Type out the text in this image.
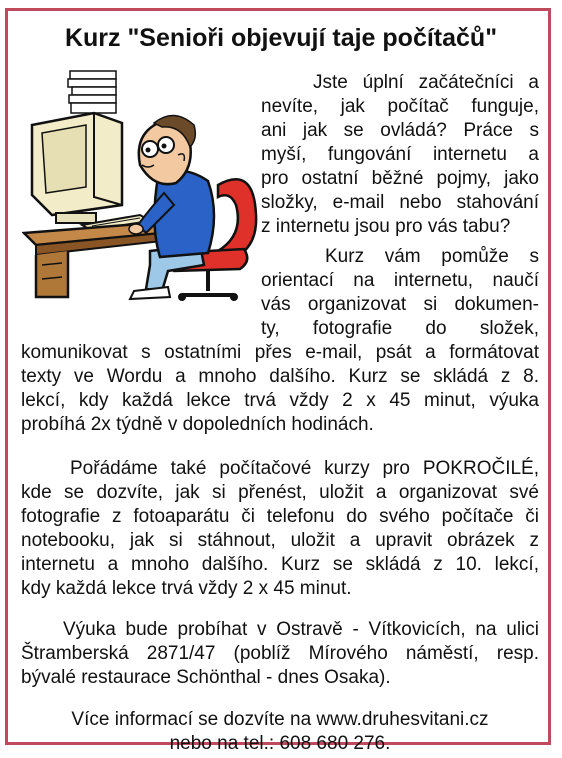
Kurz "Senioři objevují taje počítačů"
Jste úplní začátečníci a
nevíte, jak počítač funguje,
ani jak se ovládá? Práce s
myší, fungování internetu a
pro ostatní běžné pojmy, jako
složky, e-mail nebo stahování
z internetu jsou pro vás tabu?
Kurz vám pomůže s
orientací na internetu, naučí
vás organizovat si dokumen-
ty, fotografie do složek,
komunikovat s ostatními přes e-mail, psát a formátovat
texty ve Wordu a mnoho dalšího. Kurz se skládá z 8.
lekcí, kdy každá lekce trvá vždy 2 x 45 minut, výuka
probíhá 2x týdně v dopoledních hodinách.
Pořádáme také počítačové kurzy pro POKROČILÉ,
kde se dozvíte, jak si přenést, uložit a organizovat své
fotografie z fotoaparátu či telefonu do svého počítače či
notebooku, jak si stáhnout, uložit a upravit obrázek z
internetu a mnoho dalšího. Kurz se skládá z 10. lekcí,
kdy každá lekce trvá vždy 2 x 45 minut.
Výuka bude probíhat v Ostravě - Vítkovicích, na ulici
Štramberská 2871/47 (poblíž Mírového náměstí, resp.
bývalé restaurace Schönthal - dnes Osaka).
Více informací se dozvíte na www.druhesvitani.cz
nebo na tel.: 608 680 276.
